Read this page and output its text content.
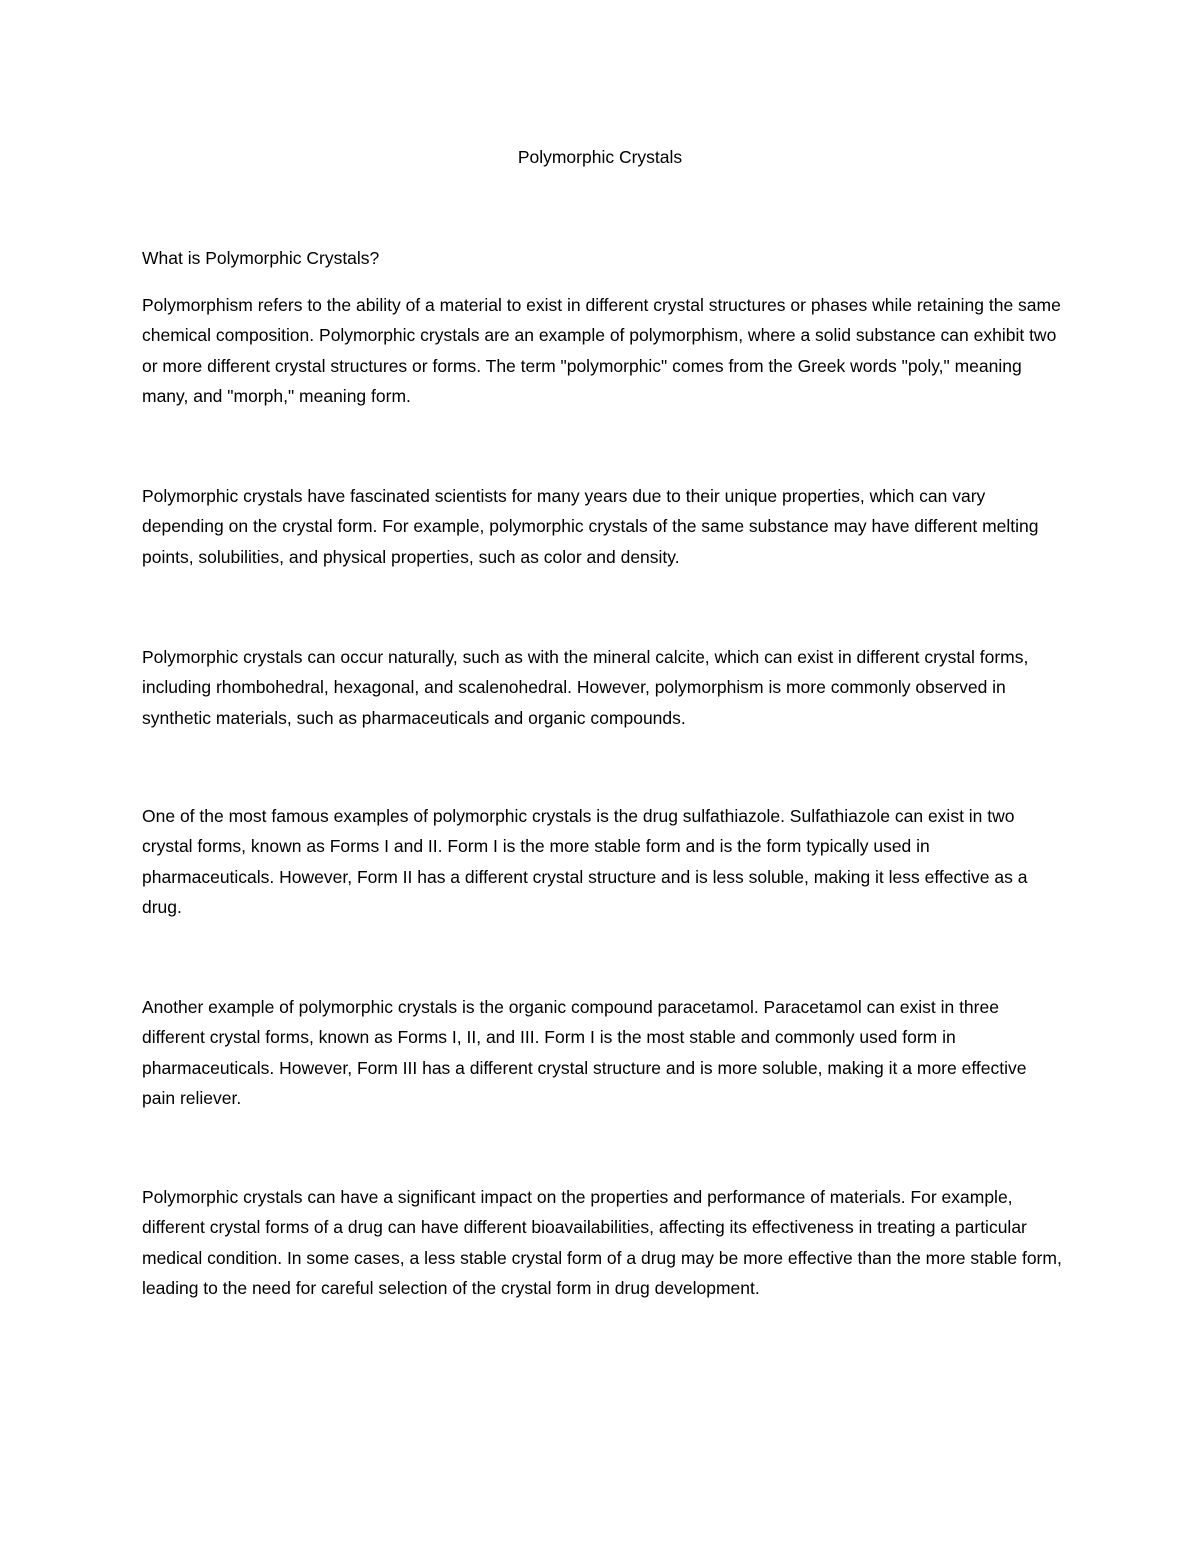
Polymorphic Crystals
What is Polymorphic Crystals?

Polymorphism refers to the ability of a material to exist in different crystal structures or phases while retaining the same chemical composition. Polymorphic crystals are an example of polymorphism, where a solid substance can exhibit two or more different crystal structures or forms. The term "polymorphic" comes from the Greek words "poly," meaning many, and "morph," meaning form.

Polymorphic crystals have fascinated scientists for many years due to their unique properties, which can vary depending on the crystal form. For example, polymorphic crystals of the same substance may have different melting points, solubilities, and physical properties, such as color and density.

Polymorphic crystals can occur naturally, such as with the mineral calcite, which can exist in different crystal forms, including rhombohedral, hexagonal, and scalenohedral. However, polymorphism is more commonly observed in synthetic materials, such as pharmaceuticals and organic compounds.

One of the most famous examples of polymorphic crystals is the drug sulfathiazole. Sulfathiazole can exist in two crystal forms, known as Forms I and II. Form I is the more stable form and is the form typically used in pharmaceuticals. However, Form II has a different crystal structure and is less soluble, making it less effective as a drug.

Another example of polymorphic crystals is the organic compound paracetamol. Paracetamol can exist in three different crystal forms, known as Forms I, II, and III. Form I is the most stable and commonly used form in pharmaceuticals. However, Form III has a different crystal structure and is more soluble, making it a more effective pain reliever.

Polymorphic crystals can have a significant impact on the properties and performance of materials. For example, different crystal forms of a drug can have different bioavailabilities, affecting its effectiveness in treating a particular medical condition. In some cases, a less stable crystal form of a drug may be more effective than the more stable form, leading to the need for careful selection of the crystal form in drug development.
